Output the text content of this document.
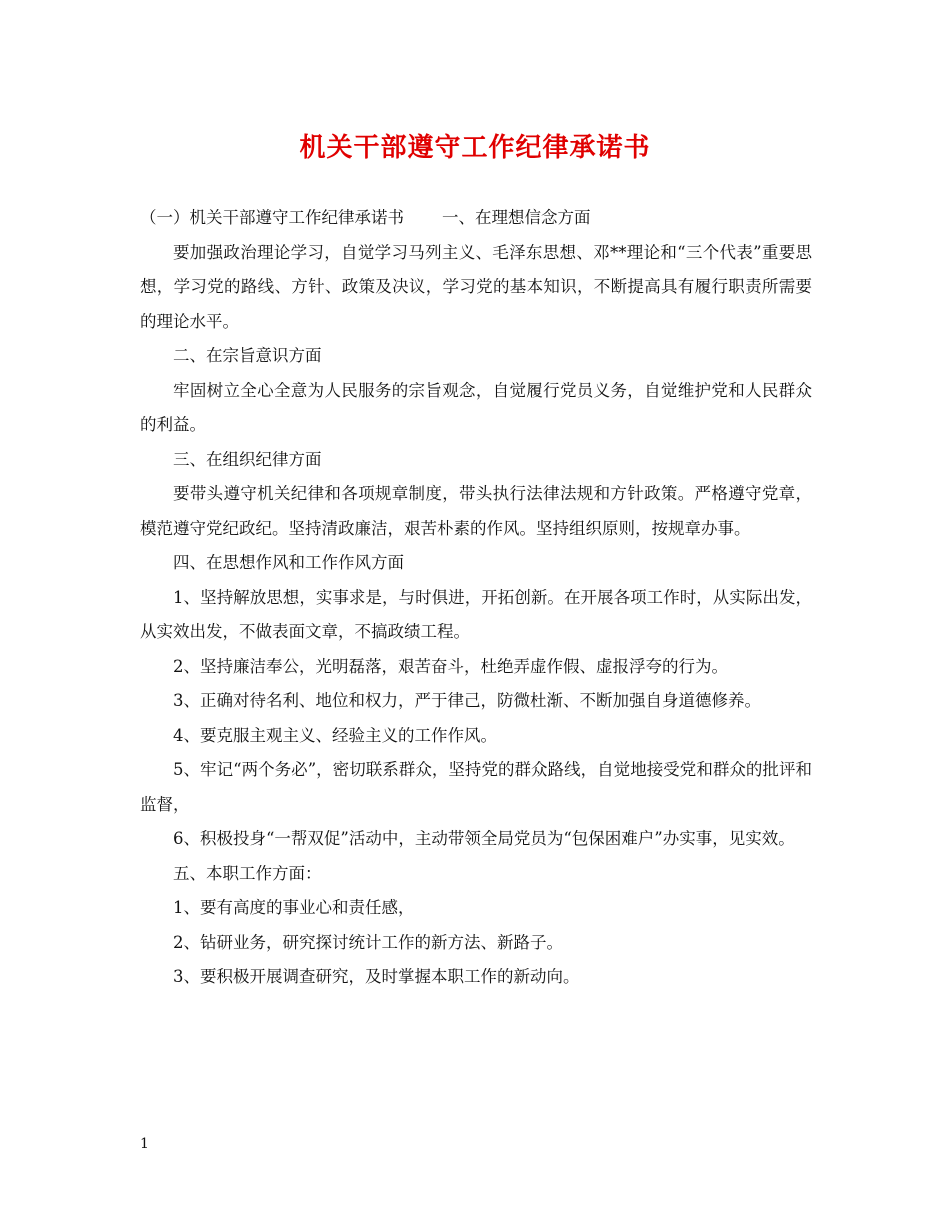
机关干部遵守工作纪律承诺书

（一）机关干部遵守工作纪律承诺书 一、在理想信念方面

要加强政治理论学习，自觉学习马列主义、毛泽东思想、邓**理论和“三个代表”重要思想，学习党的路线、方针、政策及决议，学习党的基本知识，不断提高具有履行职责所需要的理论水平。

二、在宗旨意识方面

牢固树立全心全意为人民服务的宗旨观念，自觉履行党员义务，自觉维护党和人民群众的利益。

三、在组织纪律方面

要带头遵守机关纪律和各项规章制度，带头执行法律法规和方针政策。严格遵守党章，模范遵守党纪政纪。坚持清政廉洁，艰苦朴素的作风。坚持组织原则，按规章办事。

四、在思想作风和工作作风方面

1、坚持解放思想，实事求是，与时俱进，开拓创新。在开展各项工作时，从实际出发，从实效出发，不做表面文章，不搞政绩工程。

2、坚持廉洁奉公，光明磊落，艰苦奋斗，杜绝弄虚作假、虚报浮夸的行为。

3、正确对待名利、地位和权力，严于律己，防微杜渐、不断加强自身道德修养。

4、要克服主观主义、经验主义的工作作风。

5、牢记“两个务必”，密切联系群众，坚持党的群众路线，自觉地接受党和群众的批评和监督，

6、积极投身“一帮双促”活动中，主动带领全局党员为“包保困难户”办实事，见实效。

五、本职工作方面：

1、要有高度的事业心和责任感，

2、钻研业务，研究探讨统计工作的新方法、新路子。

3、要积极开展调查研究，及时掌握本职工作的新动向。

1
